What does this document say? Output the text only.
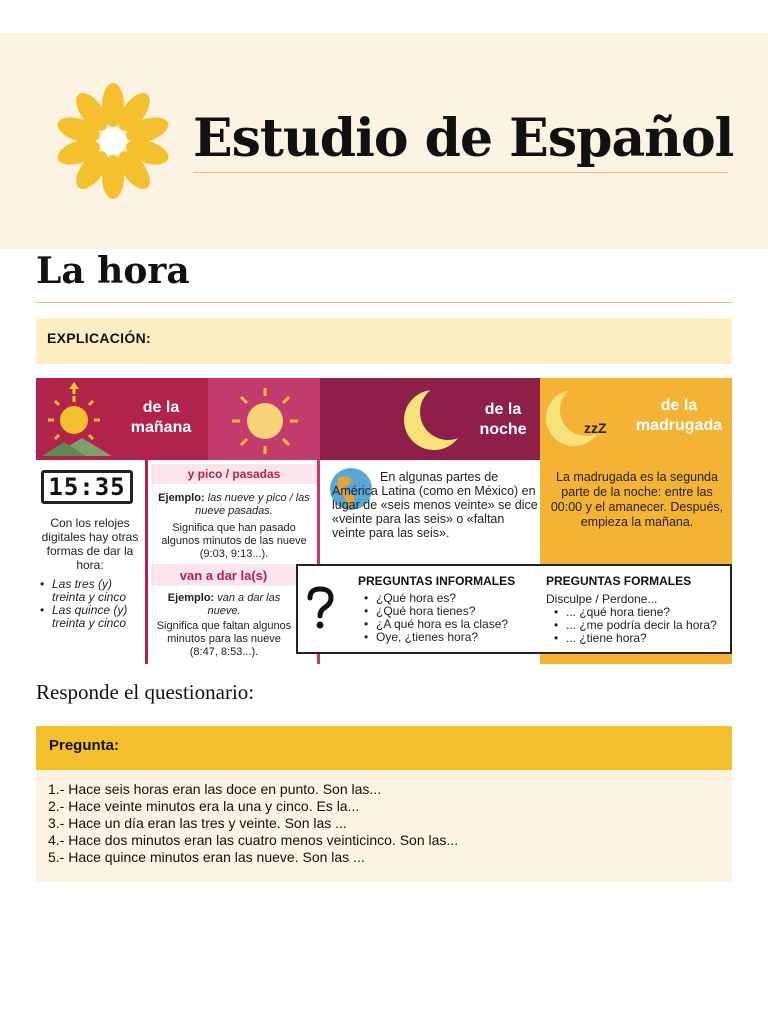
Estudio de Español
La hora
EXPLICACIÓN:
de la
mañana
de la
noche	zzZ
de la
madrugada
15:35
Con los relojes digitales hay otras formas de dar la hora:
• Las tres (y) treinta y cinco
• Las quince (y) treinta y cinco
y pico / pasadas
Ejemplo: las nueve y pico / las nueve pasadas.
Significa que han pasado algunos minutos de las nueve (9:03, 9:13...).
van a dar la(s)
Ejemplo: van a dar las nueve.
Significa que faltan algunos minutos para las nueve (8:47, 8:53...).
En algunas partes de América Latina (como en México) en lugar de «seis menos veinte» se dice «veinte para las seis» o «faltan veinte para las seis».
La madrugada es la segunda parte de la noche: entre las 00:00 y el amanecer. Después, empieza la mañana.
PREGUNTAS INFORMALES
• ¿Qué hora es?
• ¿Qué hora tienes?
• ¿A qué hora es la clase?
• Oye, ¿tienes hora?
PREGUNTAS FORMALES
Disculpe / Perdone...
• ... ¿qué hora tiene?
• ... ¿me podría decir la hora?
• ... ¿tiene hora?
Responde el questionario:
Pregunta:
1.- Hace seis horas eran las doce en punto. Son las...
2.- Hace veinte minutos era la una y cinco. Es la...
3.- Hace un día eran las tres y veinte. Son las ...
4.- Hace dos minutos eran las cuatro menos veinticinco. Son las...
5.- Hace quince minutos eran las nueve. Son las ...
